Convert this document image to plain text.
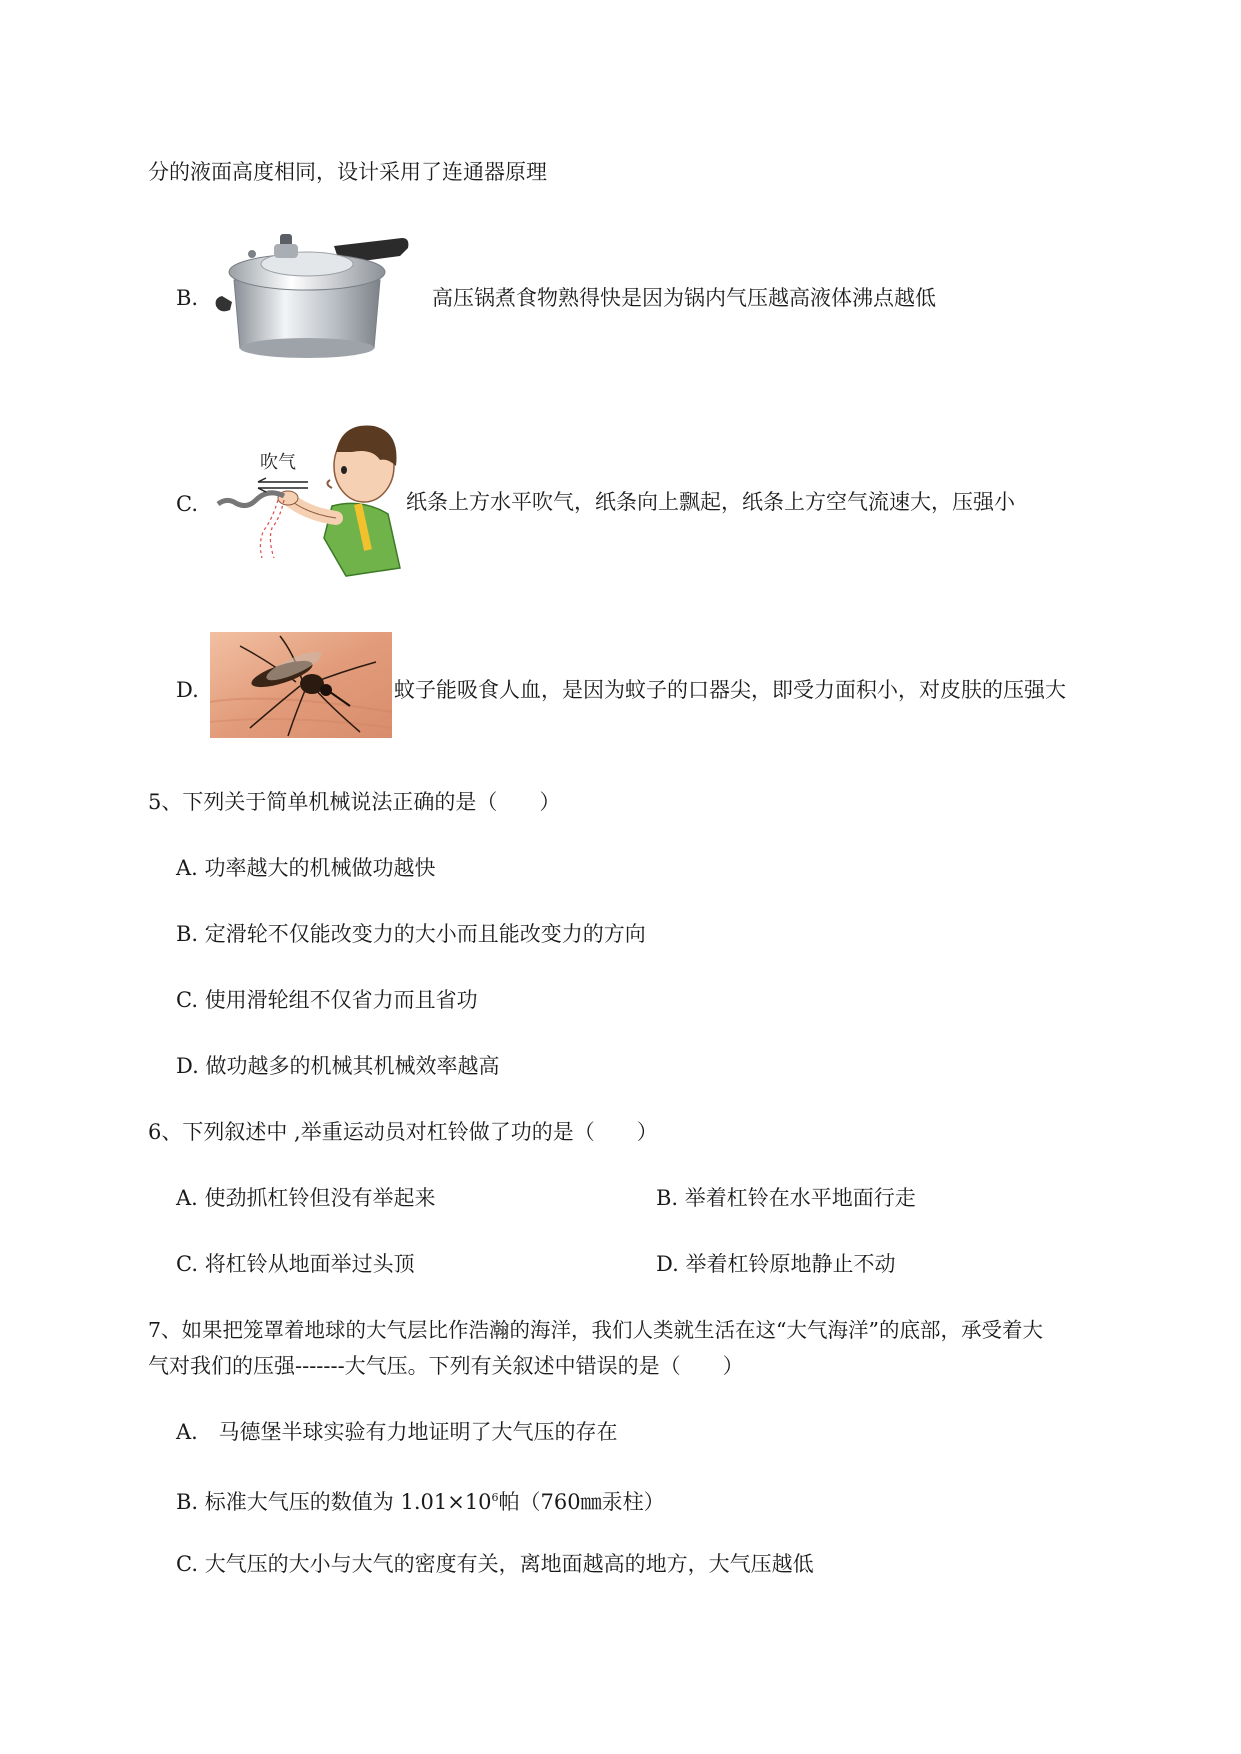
分的液面高度相同，设计采用了连通器原理
B.	高压锅煮食物熟得快是因为锅内气压越高液体沸点越低
C.
吹气
纸条上方水平吹气，纸条向上飘起，纸条上方空气流速大，压强小
D.	蚊子能吸食人血，是因为蚊子的口器尖，即受力面积小，对皮肤的压强大
5、下列关于简单机械说法正确的是（　　）
A. 功率越大的机械做功越快
B. 定滑轮不仅能改变力的大小而且能改变力的方向
C. 使用滑轮组不仅省力而且省功
D. 做功越多的机械其机械效率越高
6、下列叙述中 ,举重运动员对杠铃做了功的是（　　）
A. 使劲抓杠铃但没有举起来	B. 举着杠铃在水平地面行走
C. 将杠铃从地面举过头顶	D. 举着杠铃原地静止不动
7、如果把笼罩着地球的大气层比作浩瀚的海洋，我们人类就生活在这“大气海洋”的底部，承受着大
气对我们的压强-------大气压。下列有关叙述中错误的是（　　）
A. 马德堡半球实验有力地证明了大气压的存在
B. 标准大气压的数值为 $1.01\times 10^6$帕（760㎜汞柱）
C. 大气压的大小与大气的密度有关，离地面越高的地方，大气压越低
